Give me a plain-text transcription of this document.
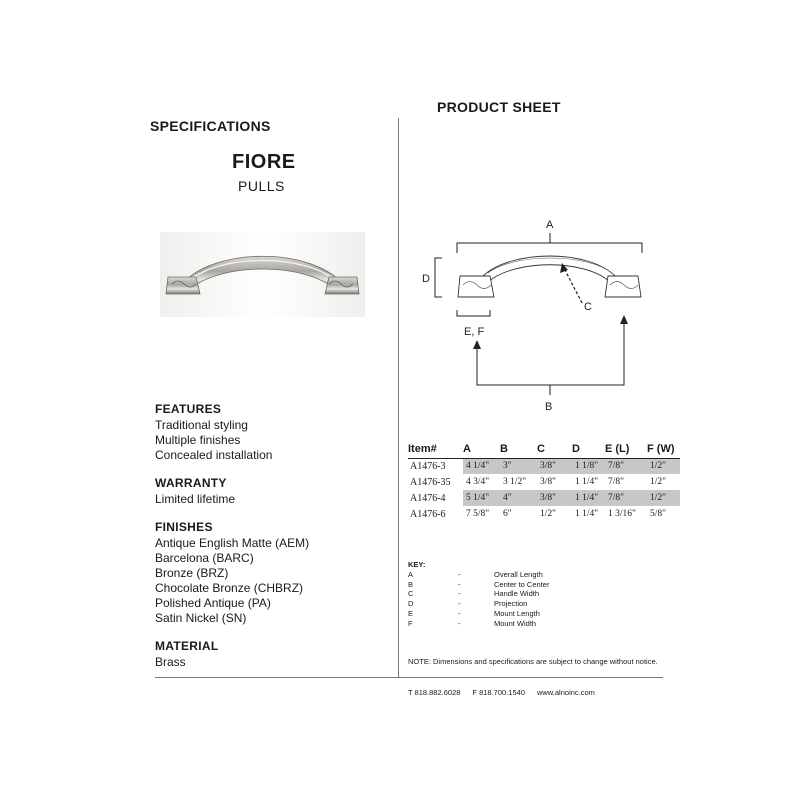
SPECIFICATIONS
PRODUCT SHEET
FIORE
PULLS
FEATURES
Traditional styling
Multiple finishes
Concealed installation
WARRANTY
Limited lifetime
FINISHES
Antique English Matte (AEM)
Barcelona (BARC)
Bronze (BRZ)
Chocolate Bronze (CHBRZ)
Polished Antique (PA)
Satin Nickel (SN)
MATERIAL
Brass
A
D
C
E, F
B
Item#	A	B	C	D	E (L)	F (W)
A1476-3	4 1/4"	3"	3/8"	1 1/8"	7/8"	1/2"
A1476-35	4 3/4"	3 1/2"	3/8"	1 1/4"	7/8"	1/2"
A1476-4	5 1/4"	4"	3/8"	1 1/4"	7/8"	1/2"
A1476-6	7 5/8"	6"	1/2"	1 1/4"	1 3/16"	5/8"
KEY:
A	-	Overall Length
B	-	Center to Center
C	-	Handle Width
D	-	Projection
E	-	Mount Length
F	-	Mount Width
NOTE: Dimensions and specifications are subject to change without notice.
T 818.882.6028 F 818.700.1540 www.alnoinc.com
